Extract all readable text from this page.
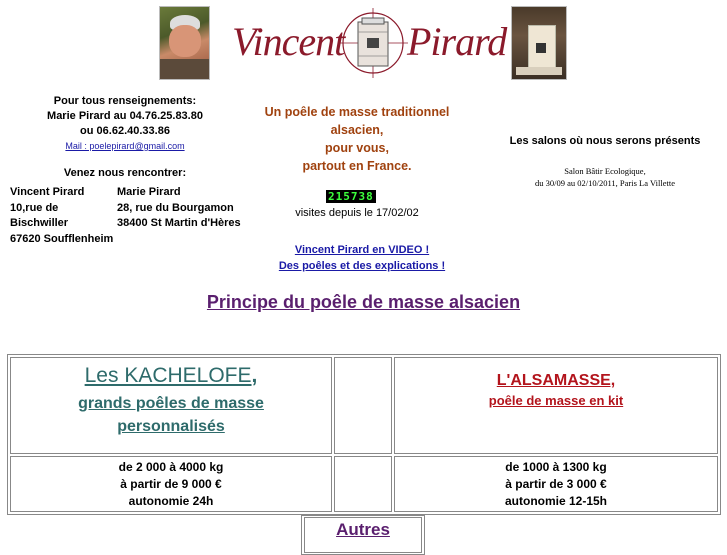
Vincent Pirard
Pour tous renseignements:
Marie Pirard au 04.76.25.83.80
ou 06.62.40.33.86
Mail : poelepirard@gmail.com
Venez nous rencontrer:
Vincent Pirard
10,rue de
Bischwiller
67620 Soufflenheim
Marie Pirard
28, rue du Bourgamon
38400 St Martin d'Hères
Un poêle de masse traditionnel
alsacien,
pour vous,
partout en France.
215738
visites depuis le 17/02/02
Vincent Pirard en VIDEO !
Des poêles et des explications !
Les salons où nous serons présents
Salon Bâtir Ecologique,
du 30/09 au 02/10/2011, Paris La Villette
Principe du poêle de masse alsacien
Les KACHELOFE,
grands poêles de masse
personnalisés
L'ALSAMASSE,
poêle de masse en kit
de 2 000 à 4000 kg
à partir de 9 000 €
autonomie 24h
de 1000 à 1300 kg
à partir de 3 000 €
autonomie 12-15h
Autres
